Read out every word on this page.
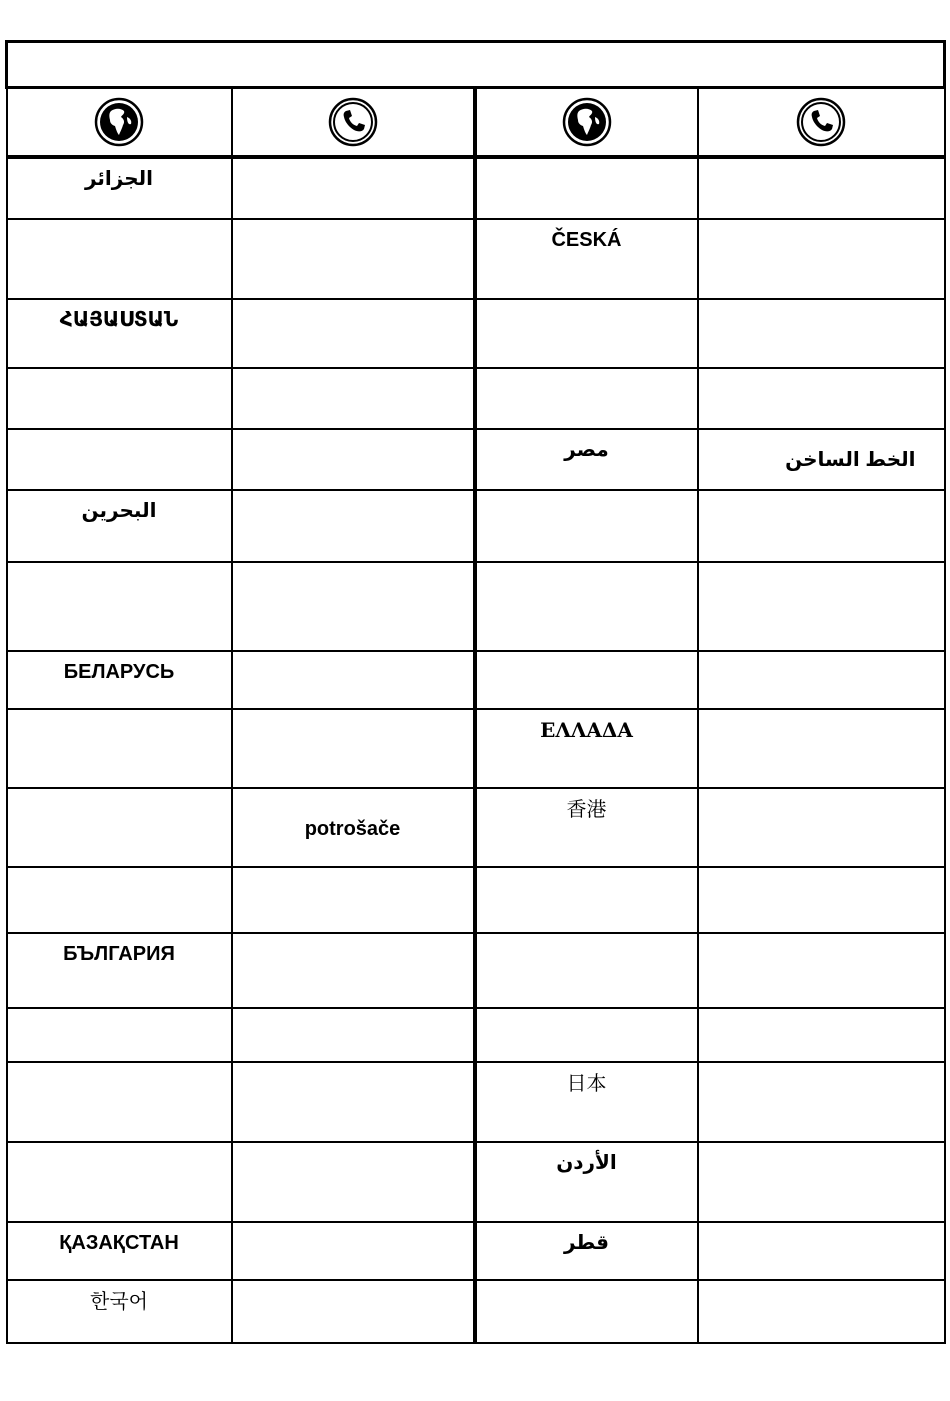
الجزائر			

		ČESKÁ	

ՀԱՅԱՍՏԱՆ			

		مصر	الخط الساخن

البحرين			

БЕЛАРУСЬ			

		ΕΛΛΑΔΑ	

	potrošače	香港	

БЪЛГАРИЯ			

		日本	

		الأردن	

ҚАЗАҚСТАН		قطر	

한국어			
